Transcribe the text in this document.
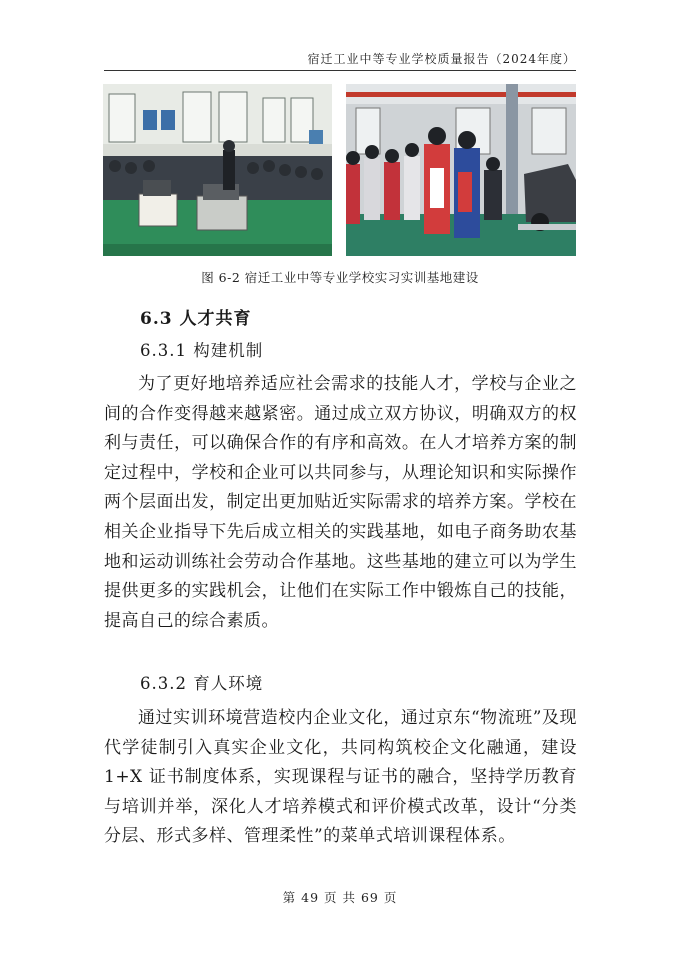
宿迁工业中等专业学校质量报告（2024年度）
图 6-2 宿迁工业中等专业学校实习实训基地建设
6.3 人才共育
6.3.1 构建机制

为了更好地培养适应社会需求的技能人才，学校与企业之间的合作变得越来越紧密。通过成立双方协议，明确双方的权利与责任，可以确保合作的有序和高效。在人才培养方案的制定过程中，学校和企业可以共同参与，从理论知识和实际操作两个层面出发，制定出更加贴近实际需求的培养方案。学校在相关企业指导下先后成立相关的实践基地，如电子商务助农基地和运动训练社会劳动合作基地。这些基地的建立可以为学生提供更多的实践机会，让他们在实际工作中锻炼自己的技能，提高自己的综合素质。

6.3.2 育人环境

通过实训环境营造校内企业文化，通过京东“物流班”及现代学徒制引入真实企业文化，共同构筑校企文化融通，建设 1+X 证书制度体系，实现课程与证书的融合，坚持学历教育与培训并举，深化人才培养模式和评价模式改革，设计“分类分层、形式多样、管理柔性”的菜单式培训课程体系。

第 49 页 共 69 页
